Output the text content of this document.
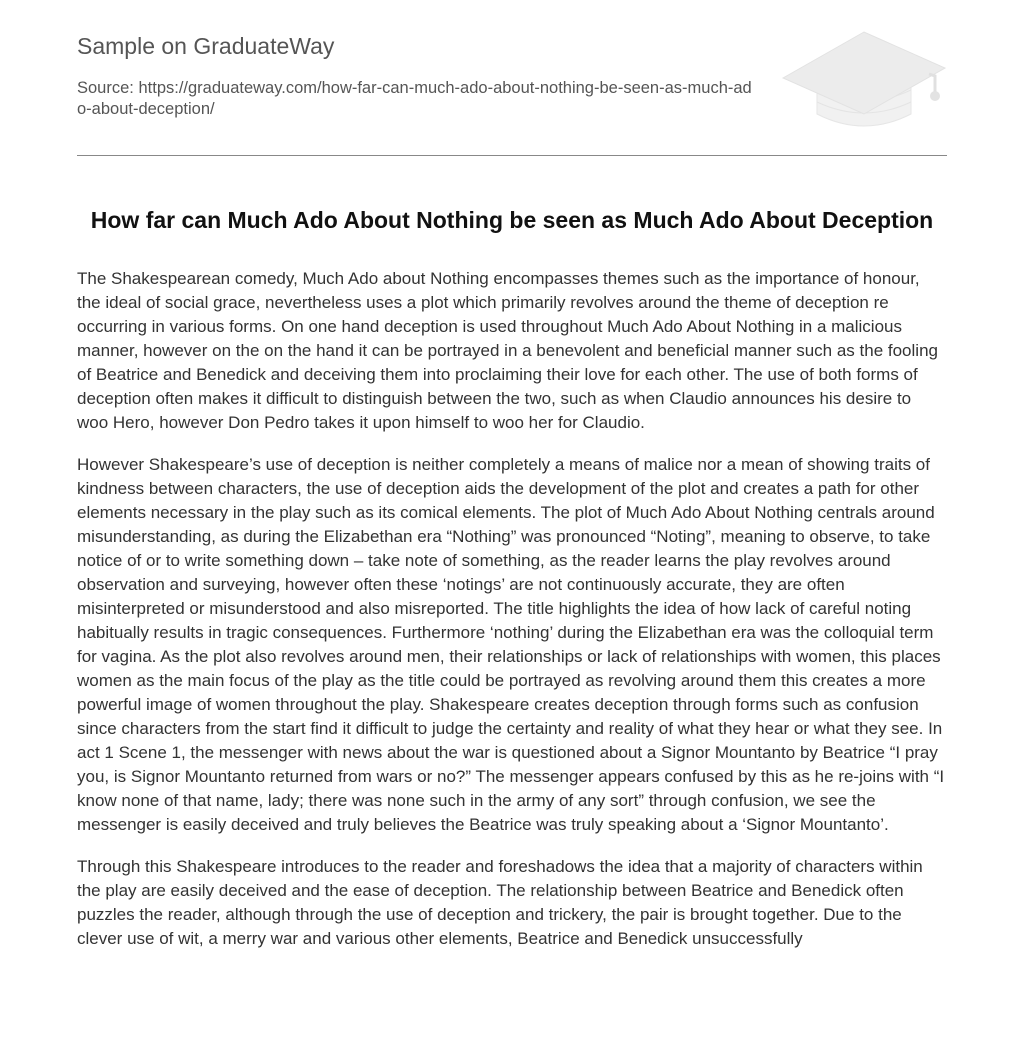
Sample on GraduateWay
Source: https://graduateway.com/how-far-can-much-ado-about-nothing-be-seen-as-much-ado-about-deception/
How far can Much Ado About Nothing be seen as Much Ado About Deception

The Shakespearean comedy, Much Ado about Nothing encompasses themes such as the importance of honour, the ideal of social grace, nevertheless uses a plot which primarily revolves around the theme of deception re occurring in various forms. On one hand deception is used throughout Much Ado About Nothing in a malicious manner, however on the on the hand it can be portrayed in a benevolent and beneficial manner such as the fooling of Beatrice and Benedick and deceiving them into proclaiming their love for each other. The use of both forms of deception often makes it difficult to distinguish between the two, such as when Claudio announces his desire to woo Hero, however Don Pedro takes it upon himself to woo her for Claudio.

However Shakespeare’s use of deception is neither completely a means of malice nor a mean of showing traits of kindness between characters, the use of deception aids the development of the plot and creates a path for other elements necessary in the play such as its comical elements. The plot of Much Ado About Nothing centrals around misunderstanding, as during the Elizabethan era “Nothing” was pronounced “Noting”, meaning to observe, to take notice of or to write something down – take note of something, as the reader learns the play revolves around observation and surveying, however often these ‘notings’ are not continuously accurate, they are often misinterpreted or misunderstood and also misreported. The title highlights the idea of how lack of careful noting habitually results in tragic consequences. Furthermore ‘nothing’ during the Elizabethan era was the colloquial term for vagina. As the plot also revolves around men, their relationships or lack of relationships with women, this places women as the main focus of the play as the title could be portrayed as revolving around them this creates a more powerful image of women throughout the play. Shakespeare creates deception through forms such as confusion since characters from the start find it difficult to judge the certainty and reality of what they hear or what they see. In act 1 Scene 1, the messenger with news about the war is questioned about a Signor Mountanto by Beatrice “I pray you, is Signor Mountanto returned from wars or no?” The messenger appears confused by this as he re-joins with “I know none of that name, lady; there was none such in the army of any sort” through confusion, we see the messenger is easily deceived and truly believes the Beatrice was truly speaking about a ‘Signor Mountanto’.

Through this Shakespeare introduces to the reader and foreshadows the idea that a majority of characters within the play are easily deceived and the ease of deception. The relationship between Beatrice and Benedick often puzzles the reader, although through the use of deception and trickery, the pair is brought together. Due to the clever use of wit, a merry war and various other elements, Beatrice and Benedick unsuccessfully
